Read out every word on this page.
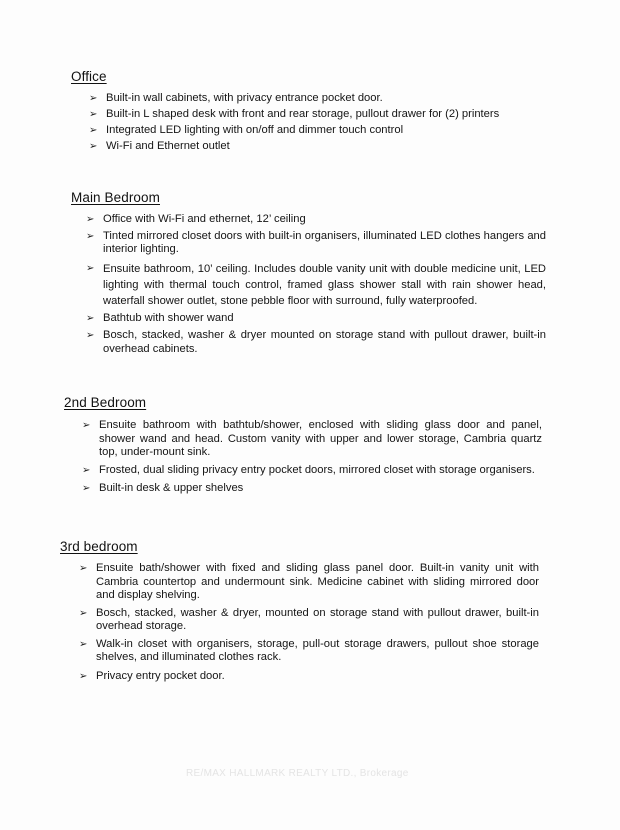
Office
➢ Built-in wall cabinets, with privacy entrance pocket door.
➢ Built-in L shaped desk with front and rear storage, pullout drawer for (2) printers
➢ Integrated LED lighting with on/off and dimmer touch control
➢ Wi-Fi and Ethernet outlet
Main Bedroom
➢ Office with Wi-Fi and ethernet, 12’ ceiling
➢ Tinted mirrored closet doors with built-in organisers, illuminated LED clothes hangers and interior lighting.
➢ Ensuite bathroom, 10’ ceiling. Includes double vanity unit with double medicine unit, LED lighting with thermal touch control, framed glass shower stall with rain shower head, waterfall shower outlet, stone pebble floor with surround, fully waterproofed.
➢ Bathtub with shower wand
➢ Bosch, stacked, washer & dryer mounted on storage stand with pullout drawer, built-in overhead cabinets.
2nd Bedroom
➢ Ensuite bathroom with bathtub/shower, enclosed with sliding glass door and panel, shower wand and head. Custom vanity with upper and lower storage, Cambria quartz top, under-mount sink.
➢ Frosted, dual sliding privacy entry pocket doors, mirrored closet with storage organisers.
➢ Built-in desk & upper shelves
3rd bedroom
➢ Ensuite bath/shower with fixed and sliding glass panel door. Built-in vanity unit with Cambria countertop and undermount sink. Medicine cabinet with sliding mirrored door and display shelving.
➢ Bosch, stacked, washer & dryer, mounted on storage stand with pullout drawer, built-in overhead storage.
➢ Walk-in closet with organisers, storage, pull-out storage drawers, pullout shoe storage shelves, and illuminated clothes rack.
➢ Privacy entry pocket door.
RE/MAX HALLMARK REALTY LTD., Brokerage
